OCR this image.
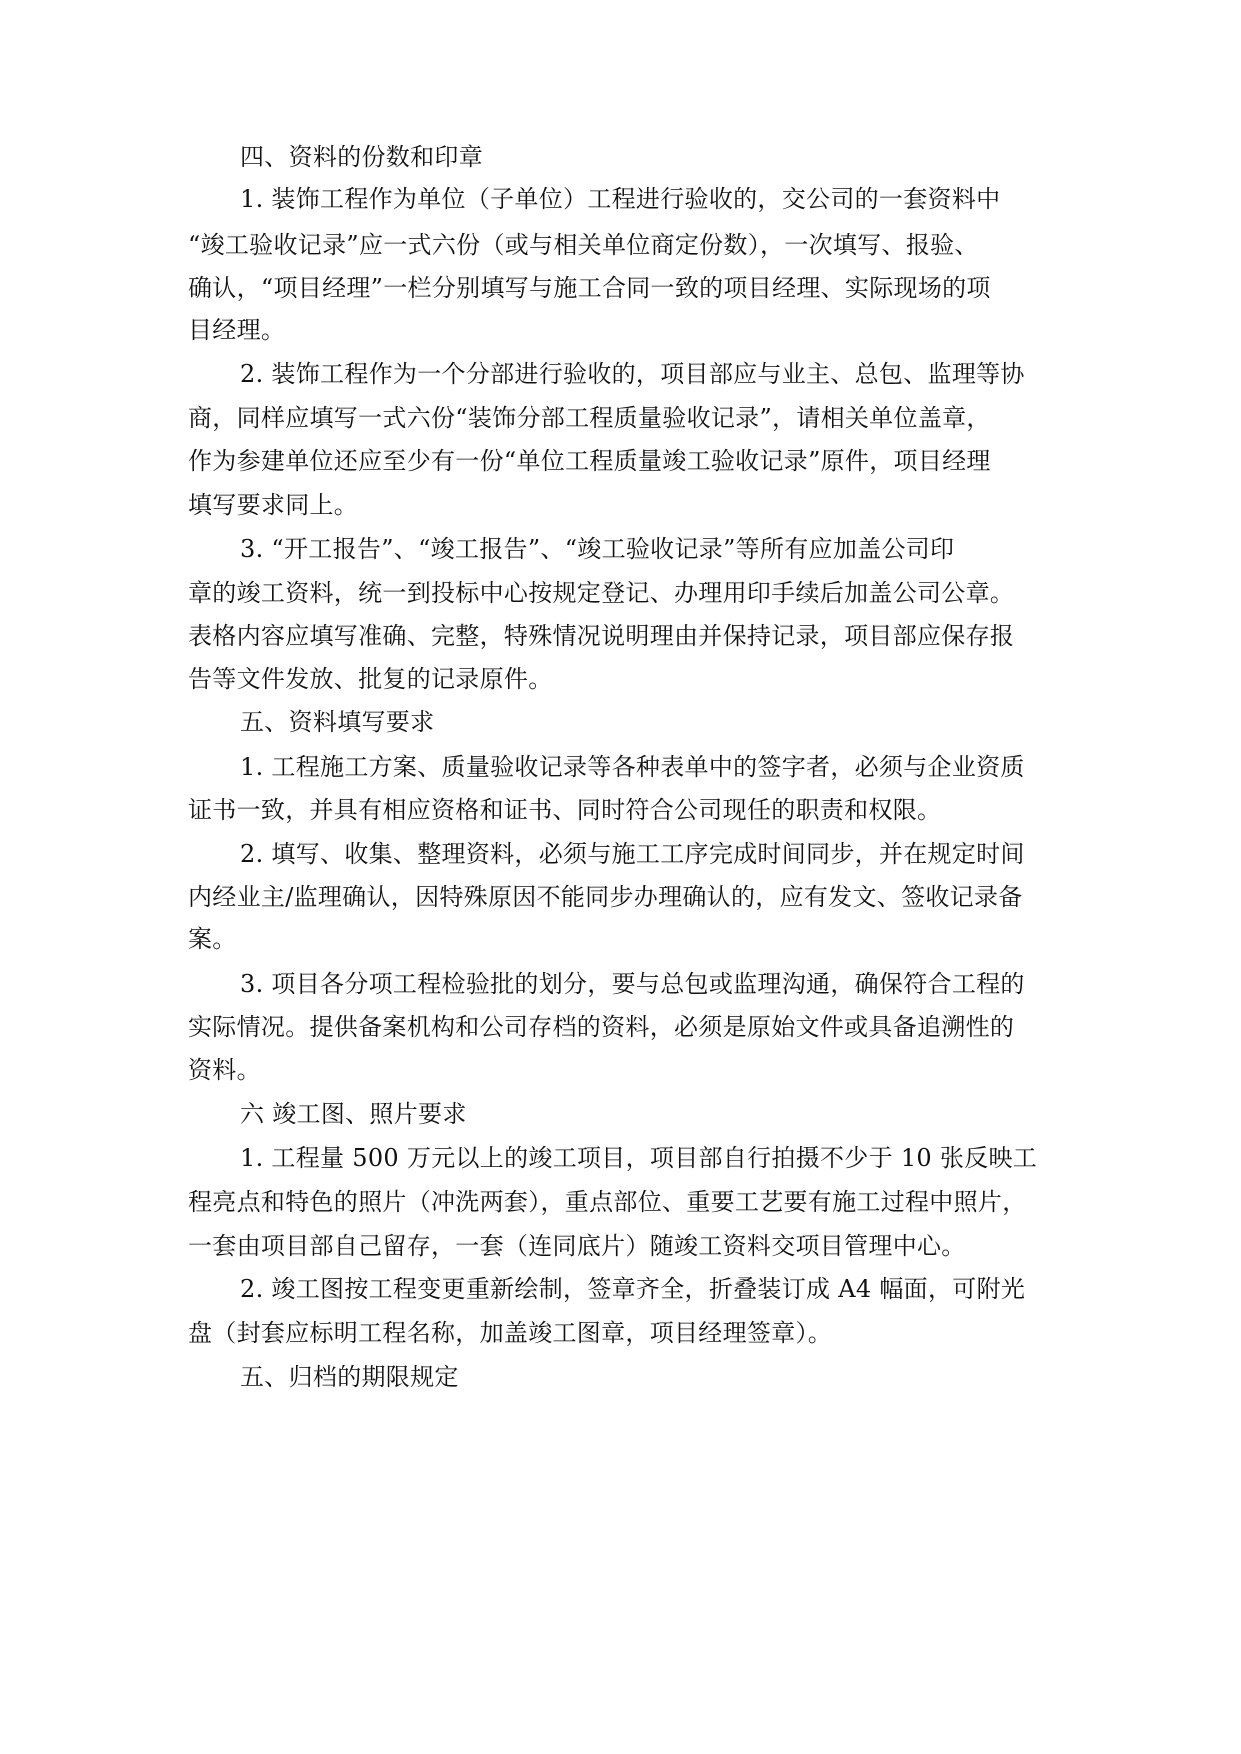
四、资料的份数和印章
1. 装饰工程作为单位（子单位）工程进行验收的，交公司的一套资料中
“竣工验收记录”应一式六份（或与相关单位商定份数），一次填写、报验、
确认，“项目经理”一栏分别填写与施工合同一致的项目经理、实际现场的项
目经理。
2. 装饰工程作为一个分部进行验收的，项目部应与业主、总包、监理等协
商，同样应填写一式六份“装饰分部工程质量验收记录”，请相关单位盖章，
作为参建单位还应至少有一份“单位工程质量竣工验收记录”原件，项目经理
填写要求同上。
3. “开工报告”、“竣工报告”、“竣工验收记录”等所有应加盖公司印
章的竣工资料，统一到投标中心按规定登记、办理用印手续后加盖公司公章。
表格内容应填写准确、完整，特殊情况说明理由并保持记录，项目部应保存报
告等文件发放、批复的记录原件。
五、资料填写要求
1. 工程施工方案、质量验收记录等各种表单中的签字者，必须与企业资质
证书一致，并具有相应资格和证书、同时符合公司现任的职责和权限。
2. 填写、收集、整理资料，必须与施工工序完成时间同步，并在规定时间
内经业主/监理确认，因特殊原因不能同步办理确认的，应有发文、签收记录备
案。
3. 项目各分项工程检验批的划分，要与总包或监理沟通，确保符合工程的
实际情况。提供备案机构和公司存档的资料，必须是原始文件或具备追溯性的
资料。
六 竣工图、照片要求
1. 工程量 500 万元以上的竣工项目，项目部自行拍摄不少于 10 张反映工
程亮点和特色的照片（冲洗两套），重点部位、重要工艺要有施工过程中照片，
一套由项目部自己留存，一套（连同底片）随竣工资料交项目管理中心。
2. 竣工图按工程变更重新绘制，签章齐全，折叠装订成 A4 幅面，可附光
盘（封套应标明工程名称，加盖竣工图章，项目经理签章）。
五、归档的期限规定
